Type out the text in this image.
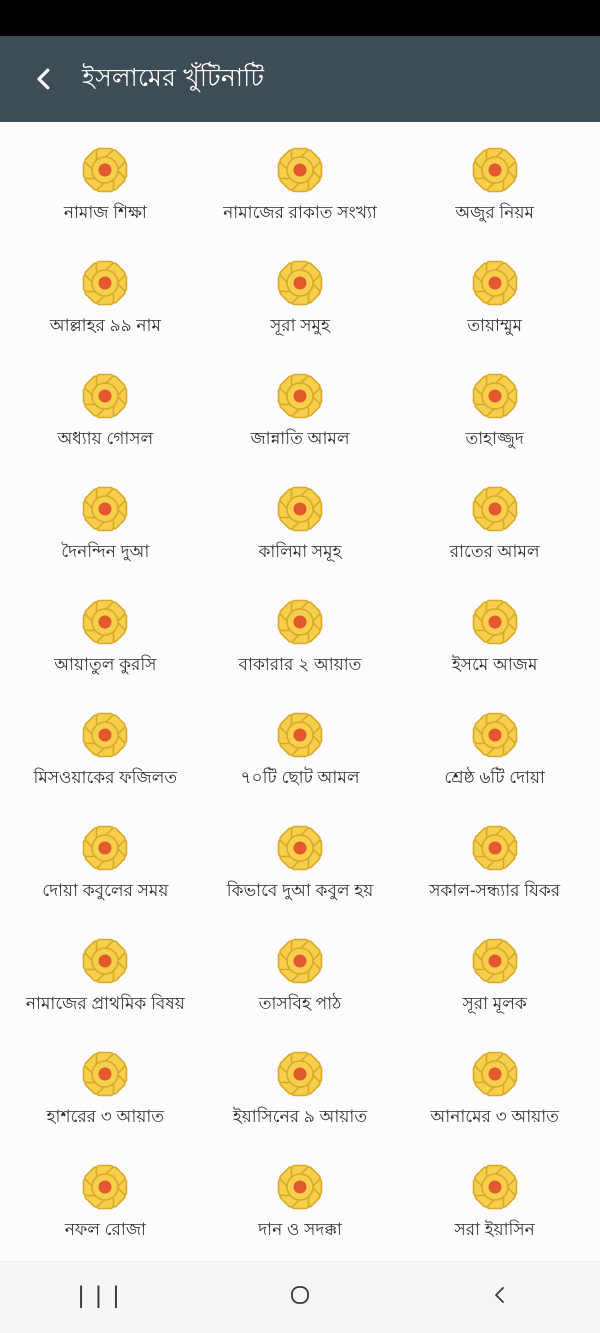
ইসলামের খুঁটিনাটি
নামাজ শিক্ষা	নামাজের রাকাত সংখ্যা	অজুর নিয়ম
আল্লাহর ৯৯ নাম	সূরা সমুহ	তায়াম্মুম
অধ্যায় গোসল	জান্নাতি আমল	তাহাজ্জুদ
দৈনন্দিন দুআ	কালিমা সমূহ	রাতের আমল
আয়াতুল কুরসি	বাকারার ২ আয়াত	ইসমে আজম
মিসওয়াকের ফজিলত	৭০টি ছোট আমল	শ্রেষ্ঠ ৬টি দোয়া
দোয়া কবুলের সময়	কিভাবে দুআ কবুল হয়	সকাল-সন্ধ্যার যিকর
নামাজের প্রাথমিক বিষয়	তাসবিহ পাঠ	সূরা মূলক
হাশরের ৩ আয়াত	ইয়াসিনের ৯ আয়াত	আনামের ৩ আয়াত
নফল রোজা	দান ও সদক্কা	সরা ইয়াসিন
|||
